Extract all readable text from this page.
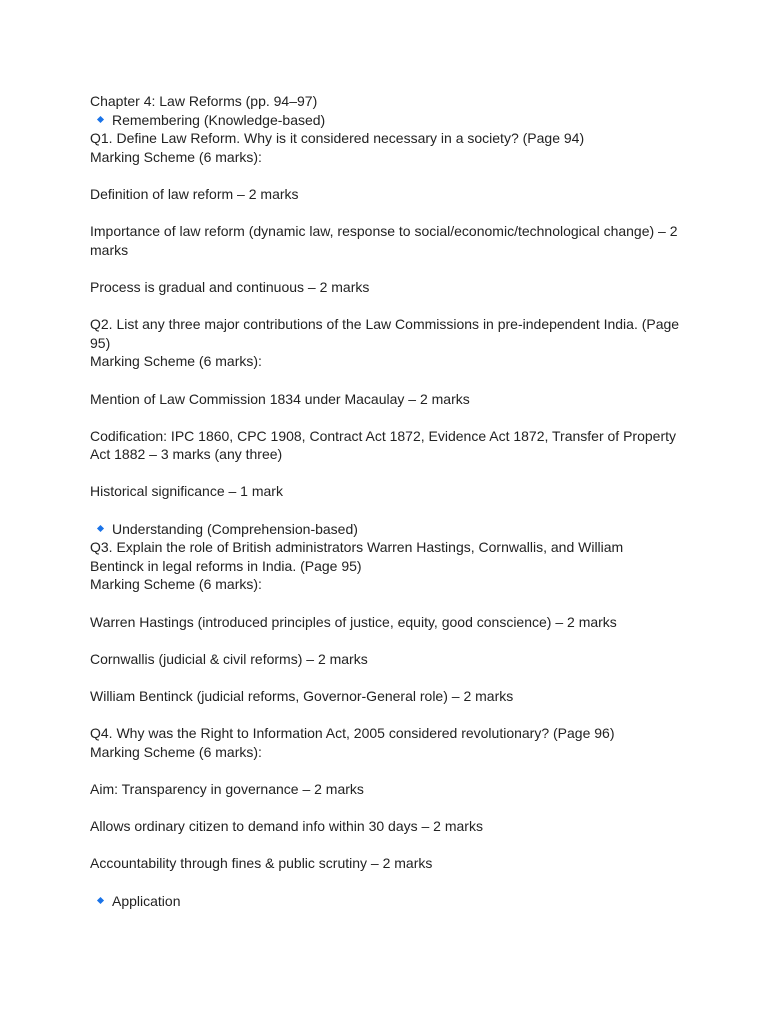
Chapter 4: Law Reforms (pp. 94–97)

Remembering (Knowledge-based)

Q1. Define Law Reform. Why is it considered necessary in a society? (Page 94)

Marking Scheme (6 marks):

Definition of law reform – 2 marks

Importance of law reform (dynamic law, response to social/economic/technological change) – 2 marks

Process is gradual and continuous – 2 marks

Q2. List any three major contributions of the Law Commissions in pre-independent India. (Page 95)

Marking Scheme (6 marks):

Mention of Law Commission 1834 under Macaulay – 2 marks

Codification: IPC 1860, CPC 1908, Contract Act 1872, Evidence Act 1872, Transfer of Property Act 1882 – 3 marks (any three)

Historical significance – 1 mark

Understanding (Comprehension-based)

Q3. Explain the role of British administrators Warren Hastings, Cornwallis, and William Bentinck in legal reforms in India. (Page 95)

Marking Scheme (6 marks):

Warren Hastings (introduced principles of justice, equity, good conscience) – 2 marks

Cornwallis (judicial & civil reforms) – 2 marks

William Bentinck (judicial reforms, Governor-General role) – 2 marks

Q4. Why was the Right to Information Act, 2005 considered revolutionary? (Page 96)

Marking Scheme (6 marks):

Aim: Transparency in governance – 2 marks

Allows ordinary citizen to demand info within 30 days – 2 marks

Accountability through fines & public scrutiny – 2 marks

Application
